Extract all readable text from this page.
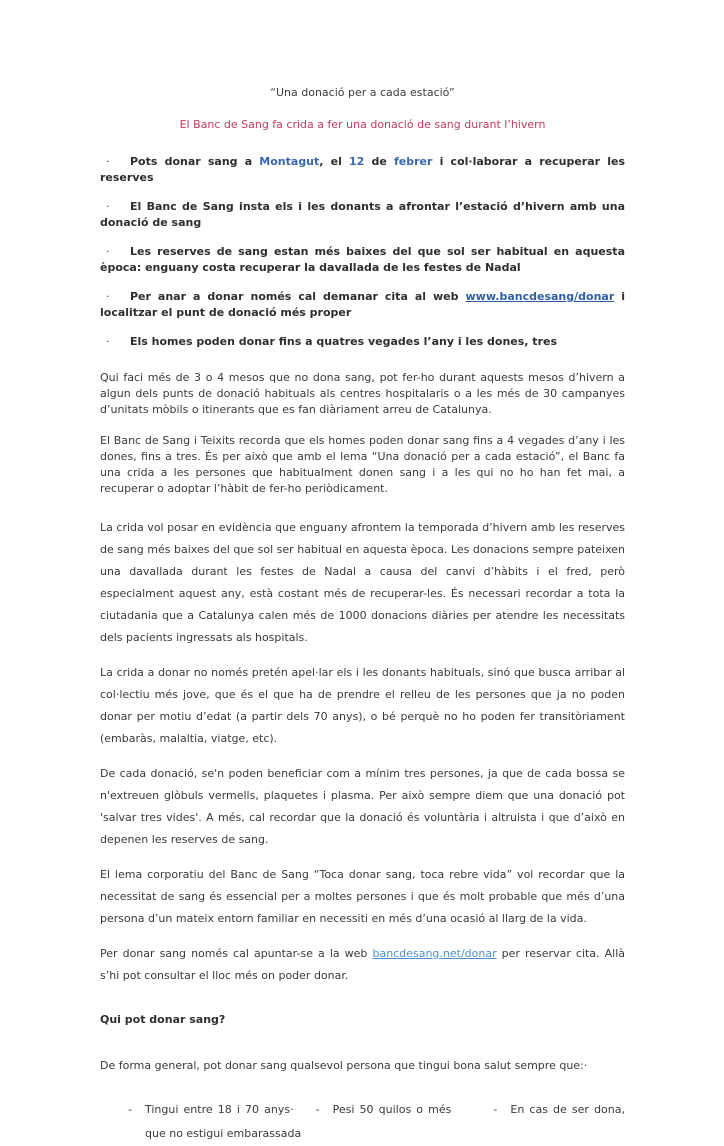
“Una donació per a cada estació”

El Banc de Sang fa crida a fer una donació de sang durant l’hivern

· Pots donar sang a Montagut, el 12 de febrer i col·laborar a recuperar les reserves

· El Banc de Sang insta els i les donants a afrontar l’estació d’hivern amb una donació de sang

· Les reserves de sang estan més baixes del que sol ser habitual en aquesta època: enguany costa recuperar la davallada de les festes de Nadal

· Per anar a donar només cal demanar cita al web www.bancdesang/donar i localitzar el punt de donació més proper

· Els homes poden donar fins a quatres vegades l’any i les dones, tres

Qui faci més de 3 o 4 mesos que no dona sang, pot fer-ho durant aquests mesos d’hivern a algun dels punts de donació habituals als centres hospitalaris o a les més de 30 campanyes d’unitats mòbils o itinerants que es fan diàriament arreu de Catalunya.

El Banc de Sang i Teixits recorda que els homes poden donar sang fins a 4 vegades d’any i les dones, fins a tres. És per això que amb el lema “Una donació per a cada estació”, el Banc fa una crida a les persones que habitualment donen sang i a les qui no ho han fet mai, a recuperar o adoptar l’hàbit de fer-ho periòdicament.

La crida vol posar en evidència que enguany afrontem la temporada d’hivern amb les reserves de sang més baixes del que sol ser habitual en aquesta època. Les donacions sempre pateixen una davallada durant les festes de Nadal a causa del canvi d’hàbits i el fred, però especialment aquest any, està costant més de recuperar-les. És necessari recordar a tota la ciutadania que a Catalunya calen més de 1000 donacions diàries per atendre les necessitats dels pacients ingressats als hospitals.

La crida a donar no només pretén apel·lar els i les donants habituals, sinó que busca arribar al col·lectiu més jove, que és el que ha de prendre el relleu de les persones que ja no poden donar per motiu d’edat (a partir dels 70 anys), o bé perquè no ho poden fer transitòriament (embaràs, malaltia, viatge, etc).

De cada donació, se'n poden beneficiar com a mínim tres persones, ja que de cada bossa se n'extreuen glòbuls vermells, plaquetes i plasma. Per això sempre diem que una donació pot 'salvar tres vides'. A més, cal recordar que la donació és voluntària i altruista i que d’això en depenen les reserves de sang.

El lema corporatiu del Banc de Sang “Toca donar sang, toca rebre vida” vol recordar que la necessitat de sang és essencial per a moltes persones i que és molt probable que més d’una persona d’un mateix entorn familiar en necessiti en més d’una ocasió al llarg de la vida.

Per donar sang només cal apuntar-se a la web bancdesang.net/donar per reservar cita. Allà s’hi pot consultar el lloc més on poder donar.

Qui pot donar sang?

De forma general, pot donar sang qualsevol persona que tingui bona salut sempre que:·

- Tingui entre 18 i 70 anys· - Pesi 50 quilos o més	- En cas de ser dona, que no estigui embarassada
